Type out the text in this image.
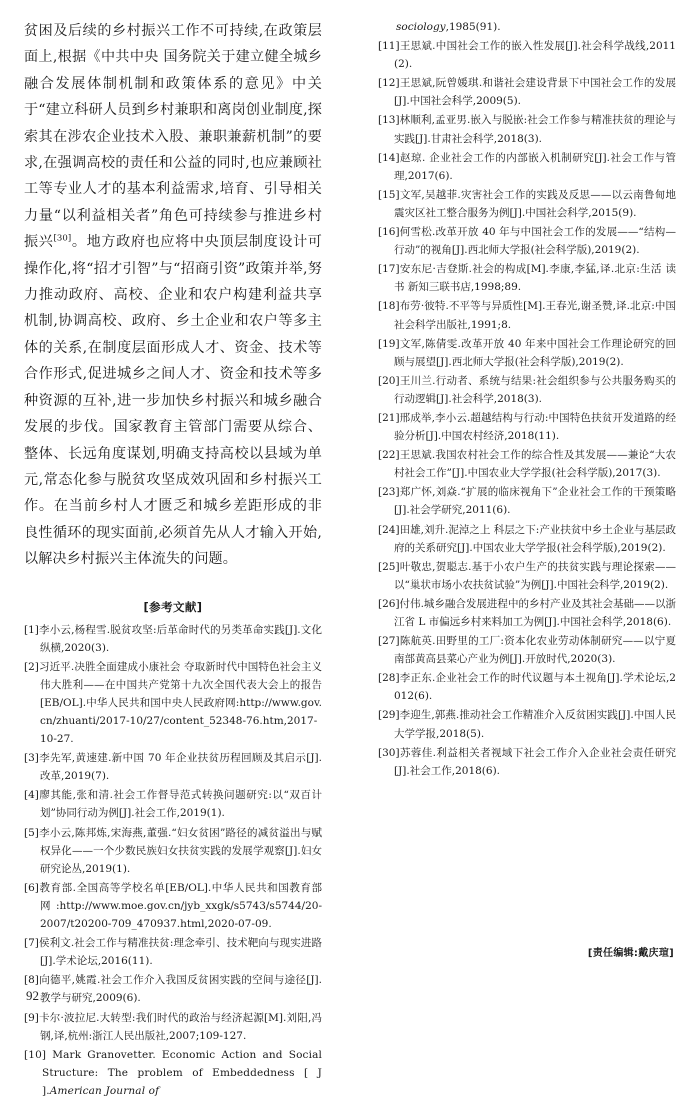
贫困及后续的乡村振兴工作不可持续,在政策层面上,根据《中共中央 国务院关于建立健全城乡融合发展体制机制和政策体系的意见》中关于“建立科研人员到乡村兼职和离岗创业制度,探索其在涉农企业技术入股、兼职兼薪机制”的要求,在强调高校的责任和公益的同时,也应兼顾社工等专业人才的基本利益需求,培育、引导相关力量“以利益相关者”角色可持续参与推进乡村振兴[30]。地方政府也应将中央顶层制度设计可操作化,将“招才引智”与“招商引资”政策并举,努力推动政府、高校、企业和农户构建利益共享机制,协调高校、政府、乡土企业和农户等多主体的关系,在制度层面形成人才、资金、技术等合作形式,促进城乡之间人才、资金和技术等多种资源的互补,进一步加快乡村振兴和城乡融合发展的步伐。国家教育主管部门需要从综合、整体、长远角度谋划,明确支持高校以县域为单元,常态化参与脱贫攻坚成效巩固和乡村振兴工作。在当前乡村人才匮乏和城乡差距形成的非良性循环的现实面前,必须首先从人才输入开始,以解决乡村振兴主体流失的问题。

[参考文献]
[1]李小云,杨程雪.脱贫攻坚:后革命时代的另类革命实践[J].文化纵横,2020(3).
[2]习近平.决胜全面建成小康社会 夺取新时代中国特色社会主义伟大胜利——在中国共产党第十九次全国代表大会上的报告[EB/OL].中华人民共和国中央人民政府网:http://www.gov.cn/zhuanti/2017-10/27/content_52348-76.htm,2017-10-27.
[3]李先军,黄速建.新中国 70 年企业扶贫历程回顾及其启示[J].改革,2019(7).
[4]廖其能,张和清.社会工作督导范式转换问题研究:以“双百计划”协同行动为例[J].社会工作,2019(1).
[5]李小云,陈邦炼,宋海燕,董强.“妇女贫困”路径的减贫溢出与赋权异化——一个少数民族妇女扶贫实践的发展学观察[J].妇女研究论丛,2019(1).
[6]教育部.全国高等学校名单[EB/OL].中华人民共和国教育部网:http://www.moe.gov.cn/jyb_xxgk/s5743/s5744/20-2007/t20200-709_470937.html,2020-07-09.
[7]侯利文.社会工作与精准扶贫:理念牵引、技术靶向与现实进路[J].学术论坛,2016(11).
[8]向德平,姚霞.社会工作介入我国反贫困实践的空间与途径[J].教学与研究,2009(6).
[9]卡尔·波拉尼.大转型:我们时代的政治与经济起源[M].刘阳,冯钢,译,杭州:浙江人民出版社,2007;109-127.
[10] Mark Granovetter. Economic Action and Social Structure: The problem of Embeddedness [ J ].American Journal of

sociology,1985(91).

[11]王思斌.中国社会工作的嵌入性发展[J].社会科学战线,2011(2).
[12]王思斌,阮曾媛琪.和谐社会建设背景下中国社会工作的发展[J].中国社会科学,2009(5).
[13]林顺利,孟亚男.嵌入与脱嵌:社会工作参与精准扶贫的理论与实践[J].甘肃社会科学,2018(3).
[14]赵琼. 企业社会工作的内部嵌入机制研究[J].社会工作与管理,2017(6).
[15]文军,吴越菲.灾害社会工作的实践及反思——以云南鲁甸地震灾区社工整合服务为例[J].中国社会科学,2015(9).
[16]何雪松.改革开放 40 年与中国社会工作的发展——“结构—行动”的视角[J].西北师大学报(社会科学版),2019(2).
[17]安东尼·吉登斯.社会的构成[M].李康,李猛,译.北京:生活 读书 新知三联书店,1998;89.
[18]布劳·彼特.不平等与异质性[M].王春光,谢圣赞,译.北京:中国社会科学出版社,1991;8.
[19]文军,陈倩雯.改革开放 40 年来中国社会工作理论研究的回顾与展望[J].西北师大学报(社会科学版),2019(2).
[20]王川兰.行动者、系统与结果:社会组织参与公共服务购买的行动逻辑[J].社会科学,2018(3).
[21]邢成举,李小云.超越结构与行动:中国特色扶贫开发道路的经验分析[J].中国农村经济,2018(11).
[22]王思斌.我国农村社会工作的综合性及其发展——兼论“大农村社会工作”[J].中国农业大学学报(社会科学版),2017(3).
[23]郑广怀,刘焱.“扩展的临床视角下”企业社会工作的干预策略[J].社会学研究,2011(6).
[24]田雄,刘升.泥淖之上 科层之下:产业扶贫中乡土企业与基层政府的关系研究[J].中国农业大学学报(社会科学版),2019(2).
[25]叶敬忠,贺聪志.基于小农户生产的扶贫实践与理论探索——以“巢状市场小农扶贫试验”为例[J].中国社会科学,2019(2).
[26]付伟.城乡融合发展进程中的乡村产业及其社会基础——以浙江省 L 市偏远乡村来料加工为例[J].中国社会科学,2018(6).
[27]陈航英.田野里的工厂:资本化农业劳动体制研究——以宁夏南部黄高县菜心产业为例[J].开放时代,2020(3).
[28]李正东.企业社会工作的时代议题与本土视角[J].学术论坛,2012(6).
[29]李迎生,郭燕.推动社会工作精准介入反贫困实践[J].中国人民大学学报,2018(5).
[30]苏蓉佳.利益相关者视域下社会工作介入企业社会责任研究[J].社会工作,2018(6).
[责任编辑:戴庆瑄]
92
